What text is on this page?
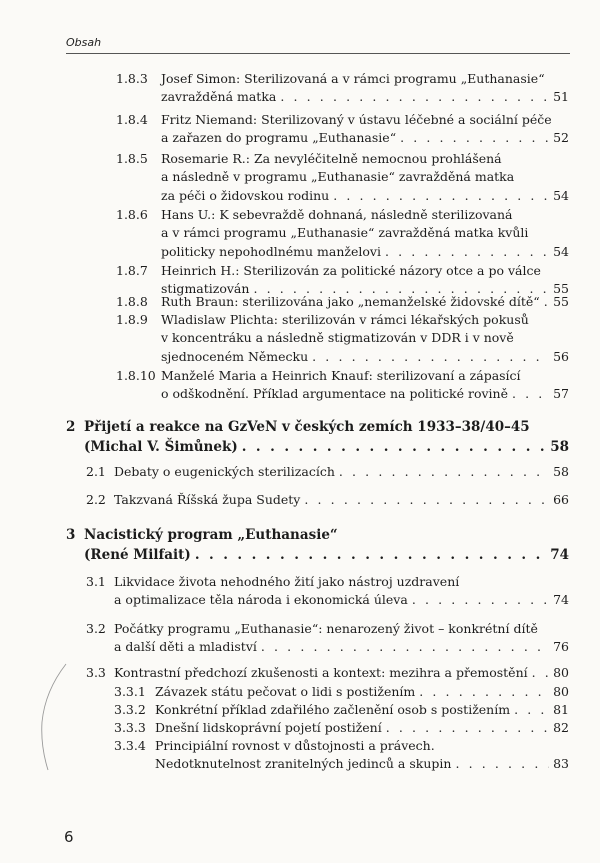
Obsah
1.8.3 Josef Simon: Sterilizovaná a v rámci programu „Euthanasie“
zavražděná matka . . .	51
1.8.4 Fritz Niemand: Sterilizovaný v ústavu léčebné a sociální péče
a zařazen do programu „Euthanasie“ . . .	52
1.8.5 Rosemarie R.: Za nevyléčitelně nemocnou prohlášená
a následně v programu „Euthanasie“ zavražděná matka
za péči o židovskou rodinu . . .	54
1.8.6 Hans U.: K sebevraždě dohnaná, následně sterilizovaná
a v rámci programu „Euthanasie“ zavražděná matka kvůli
politicky nepohodlnému manželovi . . .	54
1.8.7 Heinrich H.: Sterilizován za politické názory otce a po válce
stigmatizován . . .	55
1.8.8 Ruth Braun: sterilizována jako „nemanželské židovské dítě“ . . . 55
1.8.9 Wladislaw Plichta: sterilizován v rámci lékařských pokusů
v koncentráku a následně stigmatizován v DDR i v nově
sjednoceném Německu . . .	56
1.8.10 Manželé Maria a Heinrich Knauf: sterilizovaní a zápasící
o odškodnění. Příklad argumentace na politické rovině . . .	57
2 Přijetí a reakce na GzVeN v českých zemích 1933–38/40–45
(Michal V. Šimůnek) . . .	58
2.1 Debaty o eugenických sterilizacích . . .	58
2.2 Takzvaná Říšská župa Sudety . . .	66
3 Nacistický program „Euthanasie“
(René Milfait) . . .	74
3.1 Likvidace života nehodného žití jako nástroj uzdravení
a optimalizace těla národa i ekonomická úleva . . .	74
3.2 Počátky programu „Euthanasie“: nenarozený život – konkrétní dítě
a další děti a mladiství . . .	76
3.3 Kontrastní předchozí zkušenosti a kontext: mezihra a přemostění . . . 80
3.3.1 Závazek státu pečovat o lidi s postižením . . .	80
3.3.2 Konkrétní příklad zdařilého začlenění osob s postižením . . .	81
3.3.3 Dnešní lidskoprávní pojetí postižení . . .	82
3.3.4 Principiální rovnost v důstojnosti a právech.
Nedotknutelnost zranitelných jedinců a skupin . . .	83
6
